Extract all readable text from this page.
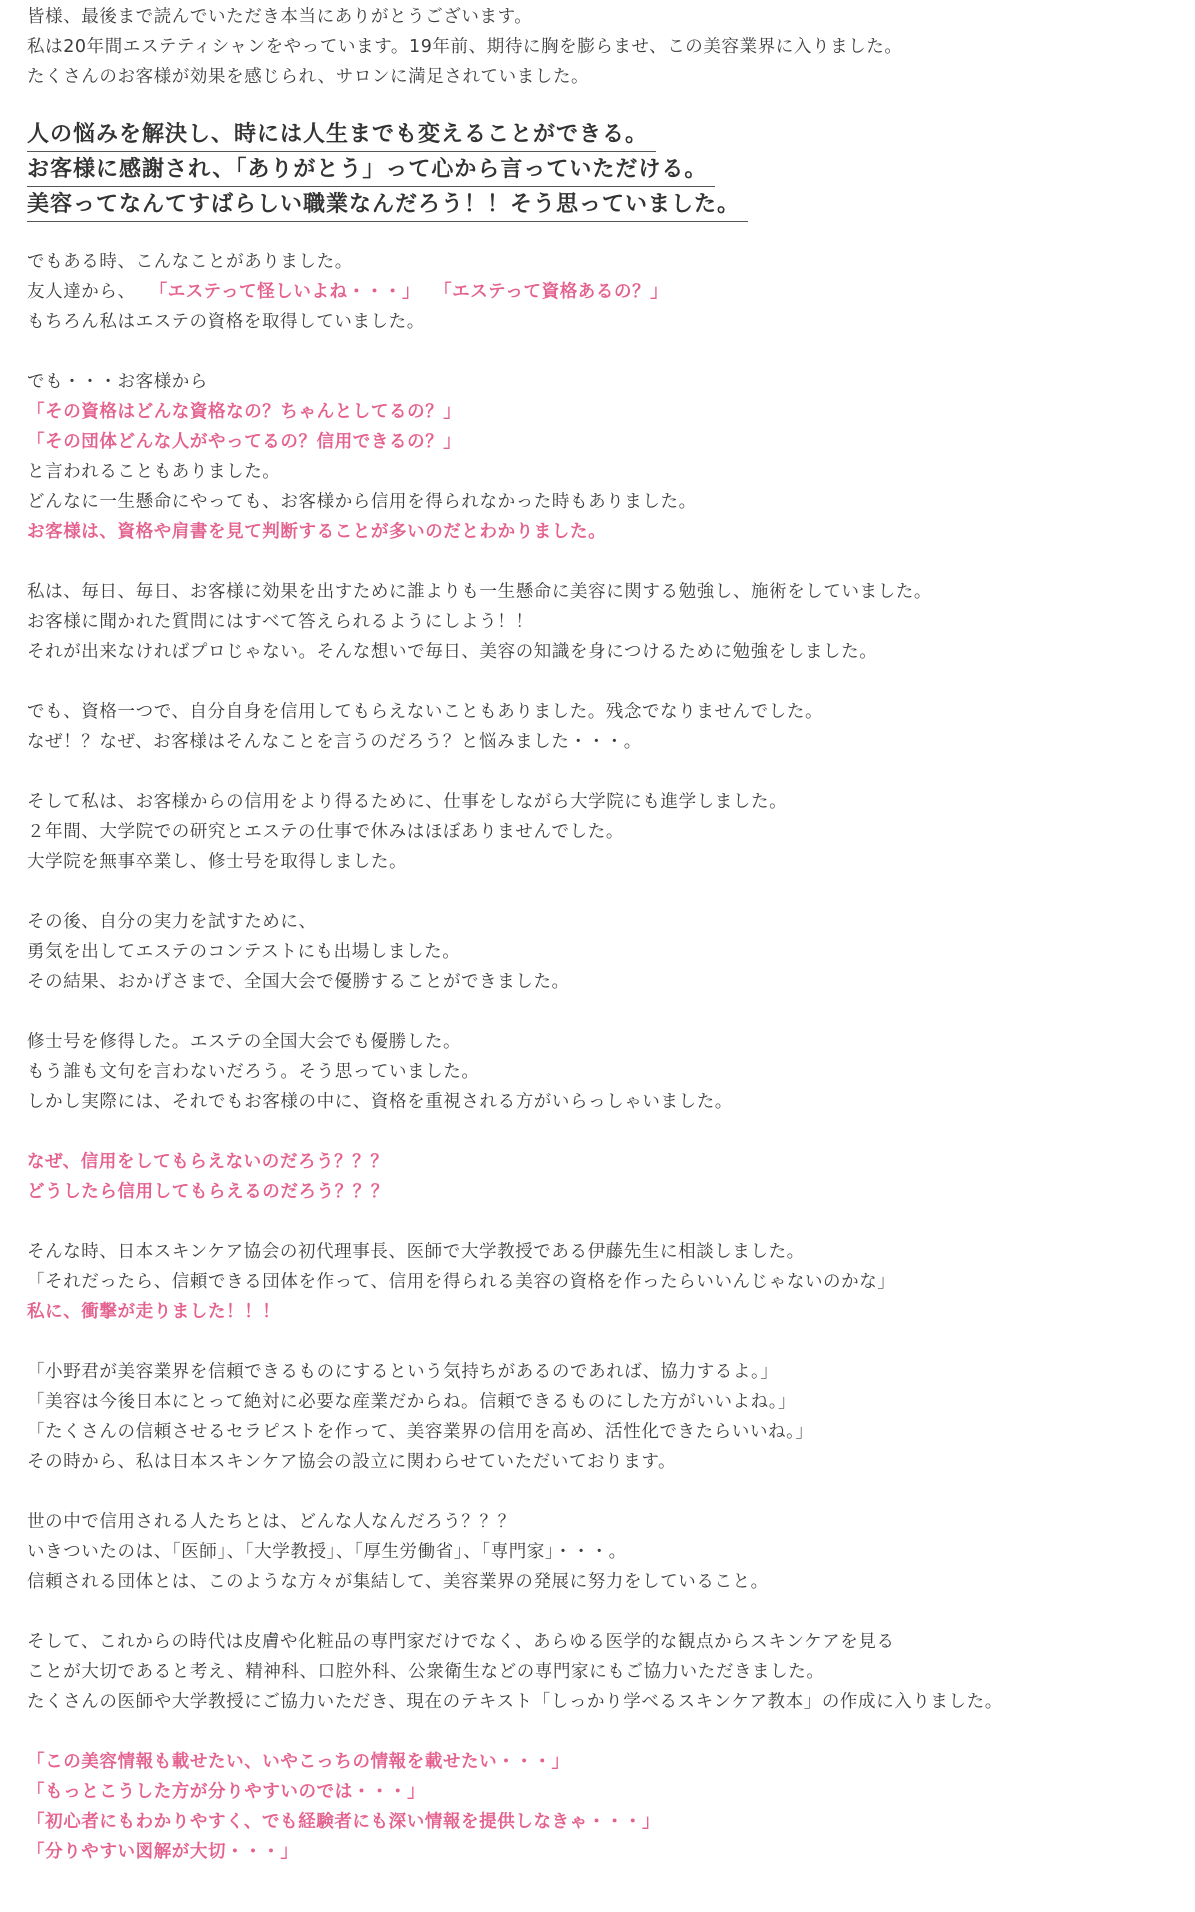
皆様、最後まで読んでいただき本当にありがとうございます。
私は20年間エステティシャンをやっています。19年前、期待に胸を膨らませ、この美容業界に入りました。
たくさんのお客様が効果を感じられ、サロンに満足されていました。
人の悩みを解決し、時には人生までも変えることができる。
お客様に感謝され、「ありがとう」って心から言っていただける。
美容ってなんてすばらしい職業なんだろう！！そう思っていました。
でもある時、こんなことがありました。
友人達から、 「エステって怪しいよね・・・」 「エステって資格あるの？」
もちろん私はエステの資格を取得していました。
でも・・・お客様から
「その資格はどんな資格なの？ちゃんとしてるの？」
「その団体どんな人がやってるの？信用できるの？」
と言われることもありました。
どんなに一生懸命にやっても、お客様から信用を得られなかった時もありました。
お客様は、資格や肩書を見て判断することが多いのだとわかりました。
私は、毎日、毎日、お客様に効果を出すために誰よりも一生懸命に美容に関する勉強し、施術をしていました。
お客様に聞かれた質問にはすべて答えられるようにしよう！！
それが出来なければプロじゃない。そんな想いで毎日、美容の知識を身につけるために勉強をしました。
でも、資格一つで、自分自身を信用してもらえないこともありました。残念でなりませんでした。
なぜ！？なぜ、お客様はそんなことを言うのだろう？と悩みました・・・。
そして私は、お客様からの信用をより得るために、仕事をしながら大学院にも進学しました。
２年間、大学院での研究とエステの仕事で休みはほぼありませんでした。
大学院を無事卒業し、修士号を取得しました。
その後、自分の実力を試すために、
勇気を出してエステのコンテストにも出場しました。
その結果、おかげさまで、全国大会で優勝することができました。
修士号を修得した。エステの全国大会でも優勝した。
もう誰も文句を言わないだろう。そう思っていました。
しかし実際には、それでもお客様の中に、資格を重視される方がいらっしゃいました。
なぜ、信用をしてもらえないのだろう？？？
どうしたら信用してもらえるのだろう？？？
そんな時、日本スキンケア協会の初代理事長、医師で大学教授である伊藤先生に相談しました。
「それだったら、信頼できる団体を作って、信用を得られる美容の資格を作ったらいいんじゃないのかな」
私に、衝撃が走りました！！！
「小野君が美容業界を信頼できるものにするという気持ちがあるのであれば、協力するよ。」
「美容は今後日本にとって絶対に必要な産業だからね。信頼できるものにした方がいいよね。」
「たくさんの信頼させるセラピストを作って、美容業界の信用を高め、活性化できたらいいね。」
その時から、私は日本スキンケア協会の設立に関わらせていただいております。
世の中で信用される人たちとは、どんな人なんだろう？？？
いきついたのは、「医師」、「大学教授」、「厚生労働省」、「専門家」・・・。
信頼される団体とは、このような方々が集結して、美容業界の発展に努力をしていること。
そして、これからの時代は皮膚や化粧品の専門家だけでなく、あらゆる医学的な観点からスキンケアを見る
ことが大切であると考え、精神科、口腔外科、公衆衛生などの専門家にもご協力いただきました。
たくさんの医師や大学教授にご協力いただき、現在のテキスト「しっかり学べるスキンケア教本」の作成に入りました。
「この美容情報も載せたい、いやこっちの情報を載せたい・・・」
「もっとこうした方が分りやすいのでは・・・」
「初心者にもわかりやすく、でも経験者にも深い情報を提供しなきゃ・・・」
「分りやすい図解が大切・・・」
